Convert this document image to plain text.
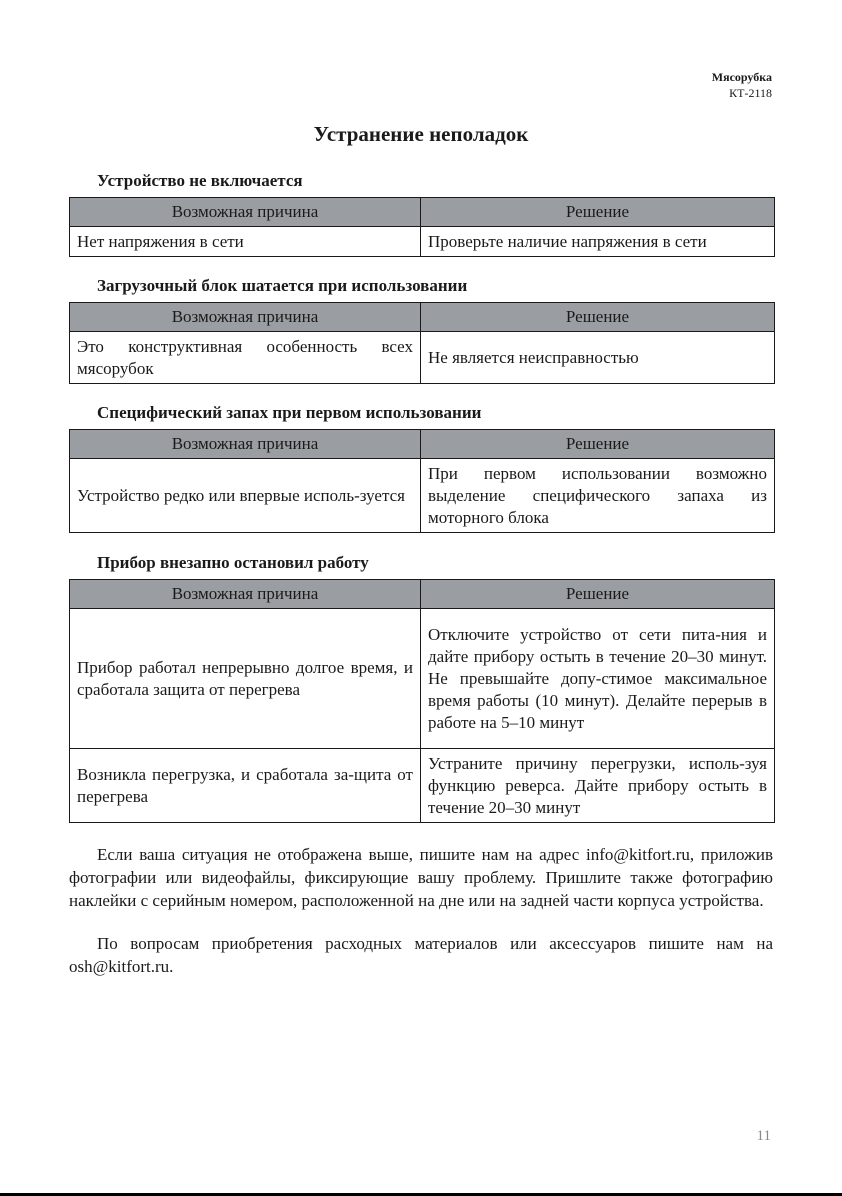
Мясорубка
КТ-2118
Устранение неполадок
Устройство не включается
Возможная причина	Решение
Нет напряжения в сети	Проверьте наличие напряжения в сети
Загрузочный блок шатается при использовании
Возможная причина	Решение
Это конструктивная особенность всех мясорубок	Не является неисправностью
Специфический запах при первом использовании
Возможная причина	Решение
Устройство редко или впервые исполь-зуется	При первом использовании возможно выделение специфического запаха из моторного блока
Прибор внезапно остановил работу
Возможная причина	Решение
Прибор работал непрерывно долгое время, и сработала защита от перегрева	Отключите устройство от сети пита-ния и дайте прибору остыть в течение 20–30 минут. Не превышайте допу-стимое максимальное время работы (10 минут). Делайте перерыв в работе на 5–10 минут
Возникла перегрузка, и сработала за-щита от перегрева	Устраните причину перегрузки, исполь-зуя функцию реверса. Дайте прибору остыть в течение 20–30 минут

Если ваша ситуация не отображена выше, пишите нам на адрес info@kitfort.ru, приложив фотографии или видеофайлы, фиксирующие вашу проблему. Пришлите также фотографию наклейки с серийным номером, расположенной на дне или на задней части корпуса устройства.

По вопросам приобретения расходных материалов или аксессуаров пишите нам на osh@kitfort.ru.

11
